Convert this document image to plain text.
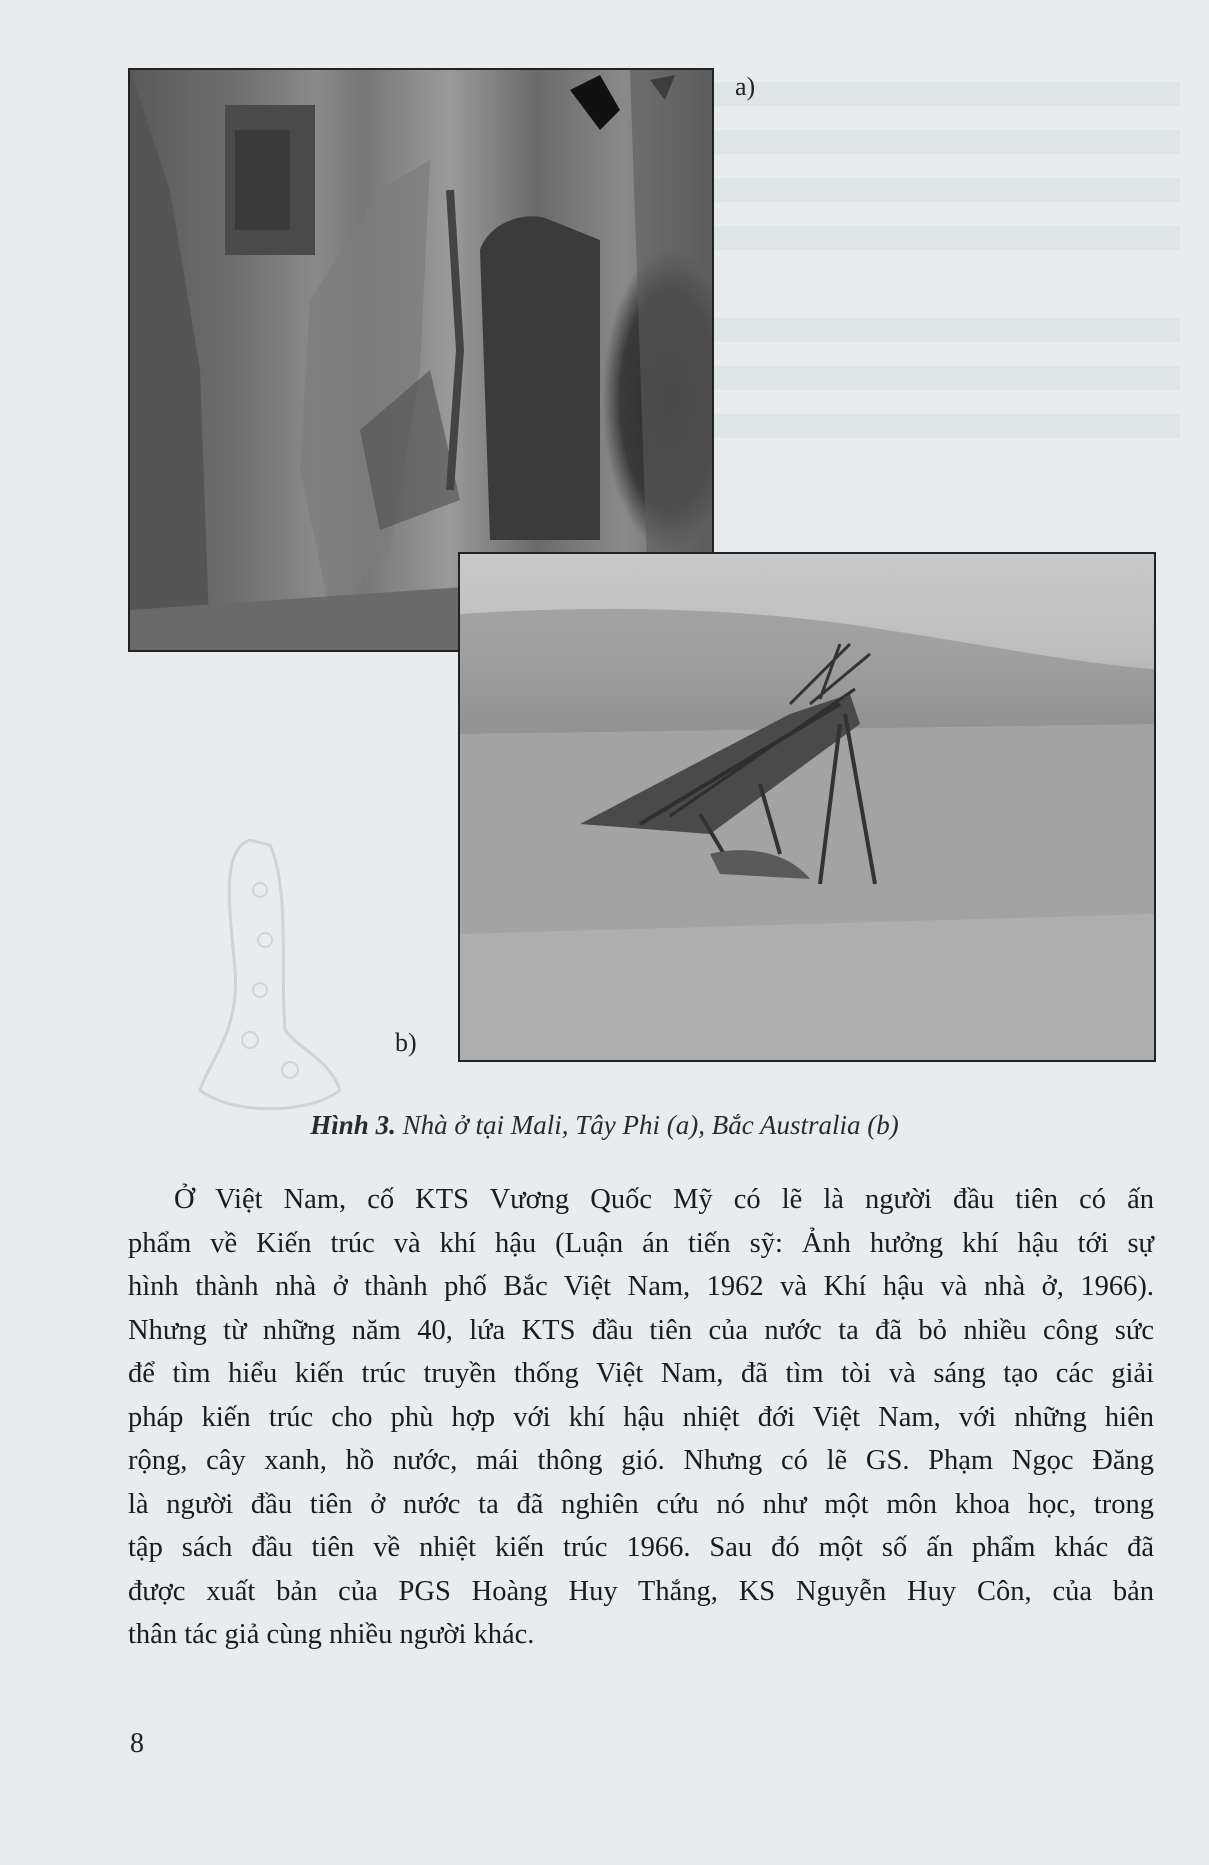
a)
b)
Hình 3. Nhà ở tại Mali, Tây Phi (a), Bắc Australia (b)
Ở Việt Nam, cố KTS Vương Quốc Mỹ có lẽ là người đầu tiên có ấn
phẩm về Kiến trúc và khí hậu (Luận án tiến sỹ: Ảnh hưởng khí hậu tới sự
hình thành nhà ở thành phố Bắc Việt Nam, 1962 và Khí hậu và nhà ở, 1966).
Nhưng từ những năm 40, lứa KTS đầu tiên của nước ta đã bỏ nhiều công sức
để tìm hiểu kiến trúc truyền thống Việt Nam, đã tìm tòi và sáng tạo các giải
pháp kiến trúc cho phù hợp với khí hậu nhiệt đới Việt Nam, với những hiên
rộng, cây xanh, hồ nước, mái thông gió. Nhưng có lẽ GS. Phạm Ngọc Đăng
là người đầu tiên ở nước ta đã nghiên cứu nó như một môn khoa học, trong
tập sách đầu tiên về nhiệt kiến trúc 1966. Sau đó một số ấn phẩm khác đã
được xuất bản của PGS Hoàng Huy Thắng, KS Nguyễn Huy Côn, của bản
thân tác giả cùng nhiều người khác.
8
